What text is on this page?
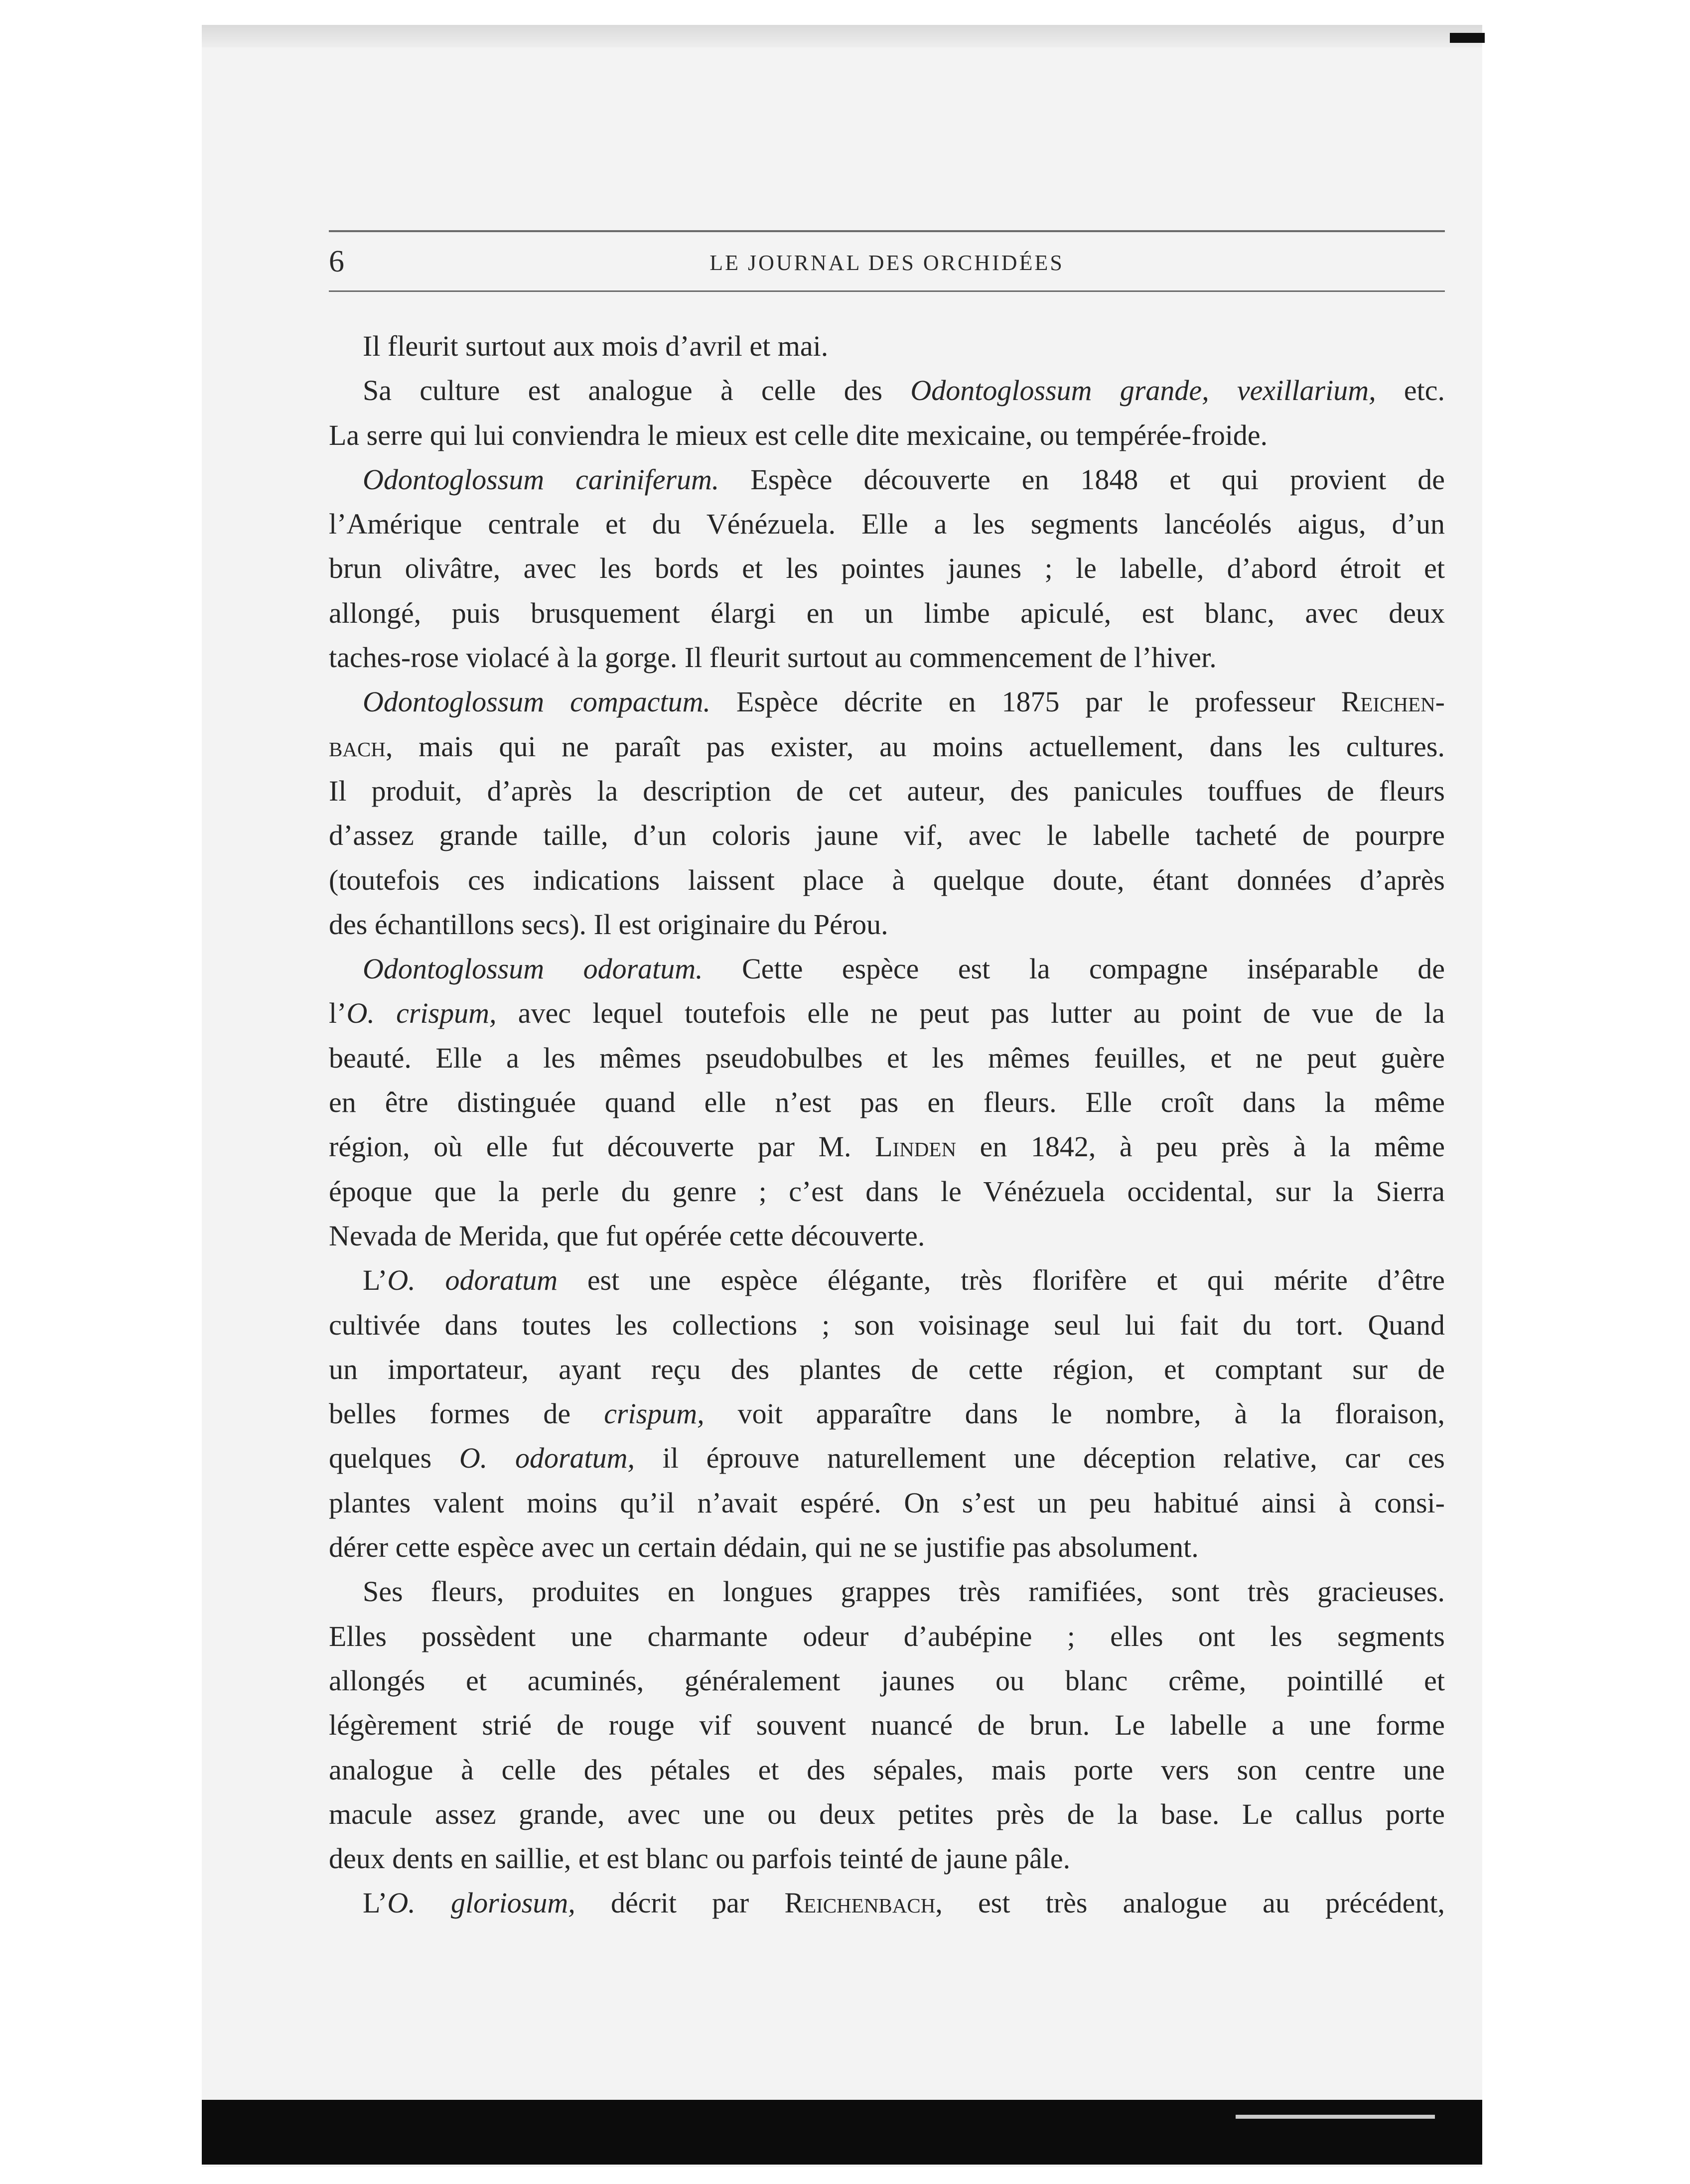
6	LE JOURNAL DES ORCHIDÉES

Il fleurit surtout aux mois d’avril et mai.

Sa culture est analogue à celle des Odontoglossum grande, vexillarium, etc.

La serre qui lui conviendra le mieux est celle dite mexicaine, ou tempérée-froide.

Odontoglossum cariniferum. Espèce découverte en 1848 et qui provient de

l’Amérique centrale et du Vénézuela. Elle a les segments lancéolés aigus, d’un

brun olivâtre, avec les bords et les pointes jaunes ; le labelle, d’abord étroit et

allongé, puis brusquement élargi en un limbe apiculé, est blanc, avec deux

taches-rose violacé à la gorge. Il fleurit surtout au commencement de l’hiver.

Odontoglossum compactum. Espèce décrite en 1875 par le professeur Reichen-

bach, mais qui ne paraît pas exister, au moins actuellement, dans les cultures.

Il produit, d’après la description de cet auteur, des panicules touffues de fleurs

d’assez grande taille, d’un coloris jaune vif, avec le labelle tacheté de pourpre

(toutefois ces indications laissent place à quelque doute, étant données d’après

des échantillons secs). Il est originaire du Pérou.

Odontoglossum odoratum. Cette espèce est la compagne inséparable de

l’O. crispum, avec lequel toutefois elle ne peut pas lutter au point de vue de la

beauté. Elle a les mêmes pseudobulbes et les mêmes feuilles, et ne peut guère

en être distinguée quand elle n’est pas en fleurs. Elle croît dans la même

région, où elle fut découverte par M. Linden en 1842, à peu près à la même

époque que la perle du genre ; c’est dans le Vénézuela occidental, sur la Sierra

Nevada de Merida, que fut opérée cette découverte.

L’O. odoratum est une espèce élégante, très florifère et qui mérite d’être

cultivée dans toutes les collections ; son voisinage seul lui fait du tort. Quand

un importateur, ayant reçu des plantes de cette région, et comptant sur de

belles formes de crispum, voit apparaître dans le nombre, à la floraison,

quelques O. odoratum, il éprouve naturellement une déception relative, car ces

plantes valent moins qu’il n’avait espéré. On s’est un peu habitué ainsi à consi-

dérer cette espèce avec un certain dédain, qui ne se justifie pas absolument.

Ses fleurs, produites en longues grappes très ramifiées, sont très gracieuses.

Elles possèdent une charmante odeur d’aubépine ; elles ont les segments

allongés et acuminés, généralement jaunes ou blanc crême, pointillé et

légèrement strié de rouge vif souvent nuancé de brun. Le labelle a une forme

analogue à celle des pétales et des sépales, mais porte vers son centre une

macule assez grande, avec une ou deux petites près de la base. Le callus porte

deux dents en saillie, et est blanc ou parfois teinté de jaune pâle.

L’O. gloriosum, décrit par Reichenbach, est très analogue au précédent,
